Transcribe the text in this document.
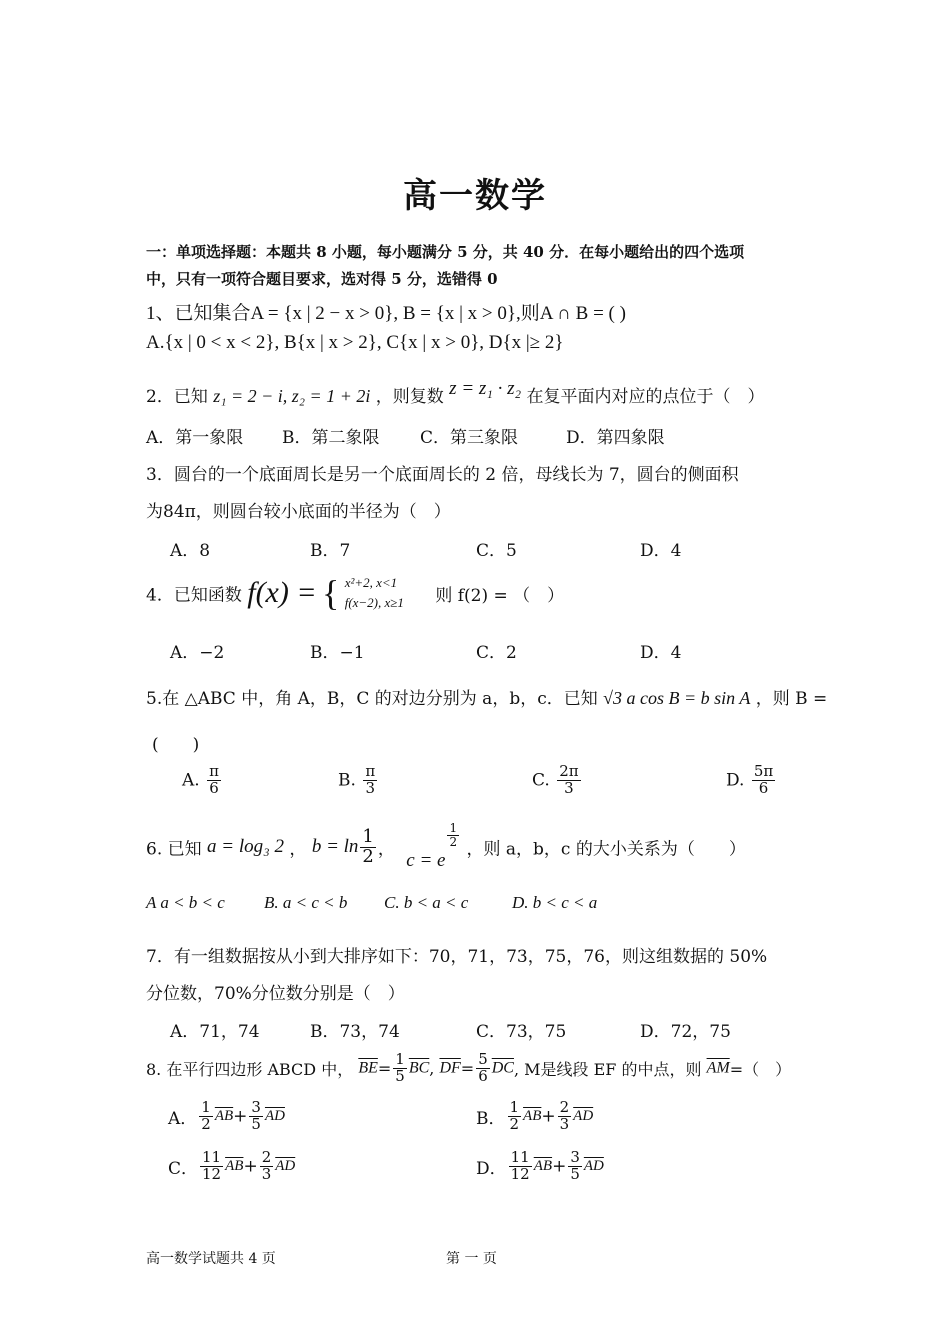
高一数学
一：单项选择题：本题共 8 小题，每小题满分 5 分，共 40 分．在每小题给出的四个选项
中，只有一项符合题目要求，选对得 5 分，选错得 0
1、已知集合A = {x | 2 − x > 0}, B = {x | x > 0},则A ∩ B = ( )
A.{x | 0 < x < 2}, B{x | x > 2}, C{x | x > 0}, D{x |≥ 2}
2．已知 z₁ = 2 − i, z₂ = 1 + 2i ，则复数 z = z₁ · z₂ 在复平面内对应的点位于（　）
A．第一象限 B．第二象限 C．第三象限	D．第四象限
3．圆台的一个底面周长是另一个底面周长的 2 倍，母线长为 7，圆台的侧面积
为84π，则圆台较小底面的半径为（　）
A．8	B．7	C．5	D．4
4．已知函数 f(x) = { x²+2, x<1
f(x−2), x≥1 则 f(2) = （　）
A．−2	B．−1	C．2	D．4
5.在 △ABC 中，角 A，B，C 的对边分别为 a，b，c．已知 √3 a cos B = b sin A ，则 B =
(　　)
A. $\frac{\pi}{6}$	B. $\frac{\pi}{3}$	C. $\frac{2\pi}{3}$	D. $\frac{5\pi}{6}$
6. 已知 a = log₃ 2 ， $b = \ln \frac{1}{2}$ ， c = e
$\frac{1}{2}$
，则 a，b，c 的大小关系为（　　）
A a < b < c B. a < c < b C. b < a < c	D. b < c < a
7．有一组数据按从小到大排序如下：70，71，73，75，76，则这组数据的 50%
分位数，70%分位数分别是（　）
A．71，74	B．73，74	C．73，75	D．72，75
8. 在平行四边形 ABCD 中， $\overline{BE}= \frac{1}{5} \overline{BC}$, $\overline{DF}= \frac{5}{6} \overline{DC}$, M是线段 EF 的中点，则 $\overline{AM}=$（　）
A． $\frac{1}{2} \overline{AB}+ \frac{3}{5} \overline{AD}$	B． $\frac{1}{2} \overline{AB}+ \frac{2}{3} \overline{AD}$
C． $\frac{11}{12} \overline{AB}+ \frac{2}{3} \overline{AD}$	D． $\frac{11}{12} \overline{AB}+ \frac{3}{5} \overline{AD}$
高一数学试题共 4 页	第 一 页
